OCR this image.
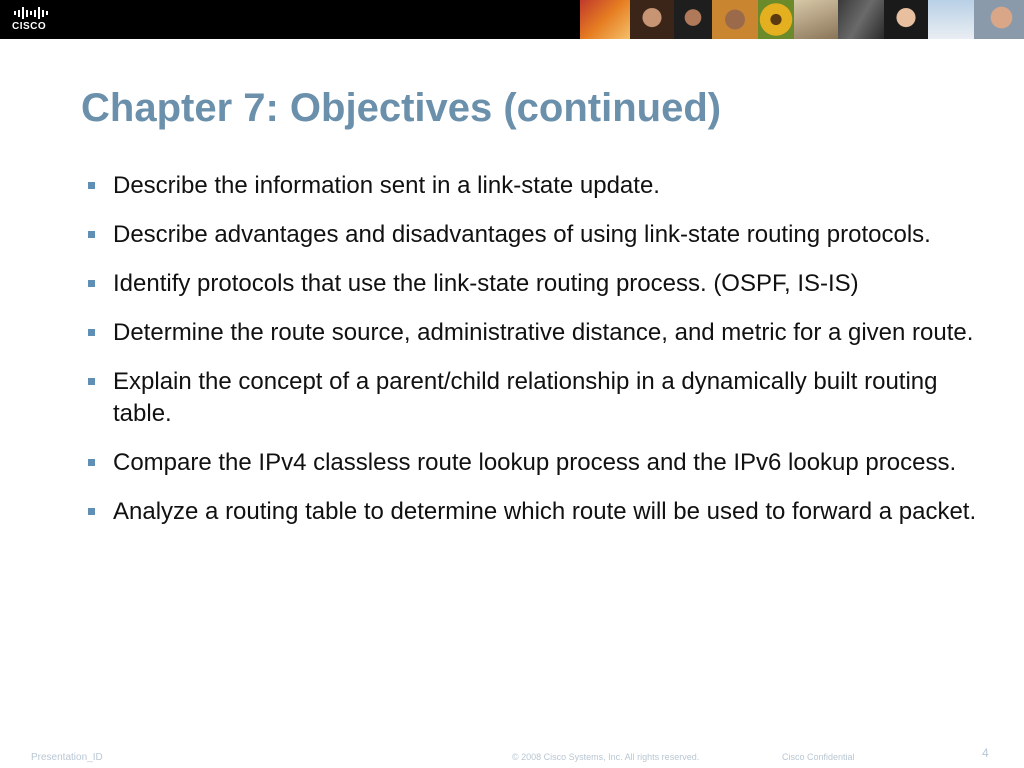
CISCO
Chapter 7: Objectives (continued)
Describe the information sent in a link-state update.
Describe advantages and disadvantages of using link-state routing protocols.
Identify protocols that use the link-state routing process. (OSPF, IS-IS)
Determine the route source, administrative distance, and metric for a given route.
Explain the concept of a parent/child relationship in a dynamically built routing table.
Compare the IPv4 classless route lookup process and the IPv6 lookup process.
Analyze a routing table to determine which route will be used to forward a packet.
Presentation_ID	© 2008 Cisco Systems, Inc. All rights reserved.	Cisco Confidential	4
